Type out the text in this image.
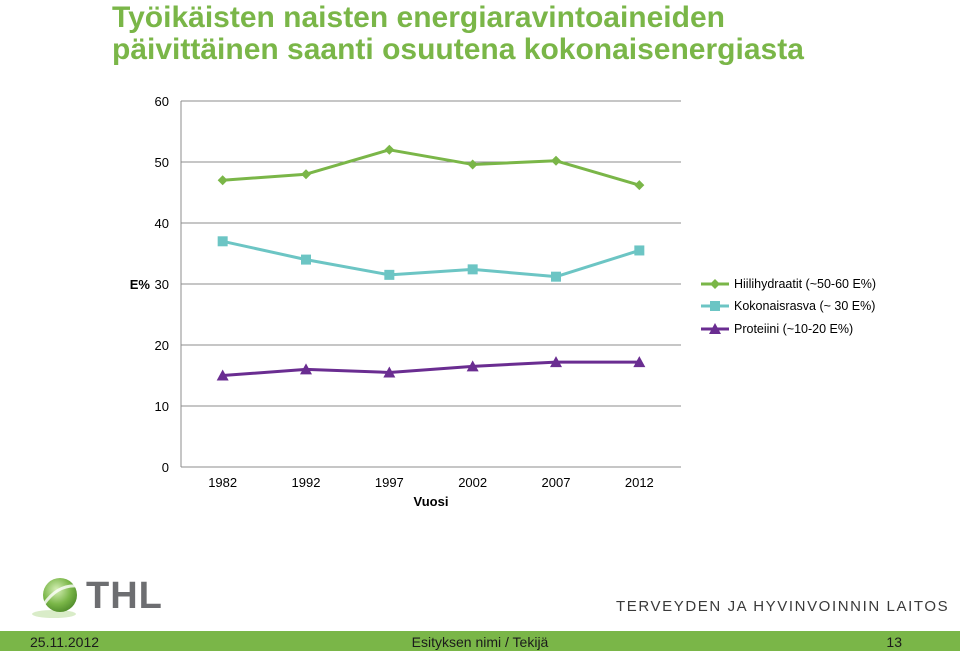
Työikäisten naisten energiaravintoaineiden
päivittäinen saanti osuutena kokonaisenergiasta
0
10
20
30
40
50
60
1982	1992	1997	2002	2007	2012
E%
Vuosi
Hiilihydraatit (~50-60 E%)
Kokonaisrasva (~ 30 E%)
Proteiini (~10-20 E%)
THL	TERVEYDEN JA HYVINVOINNIN LAITOS
25.11.2012	Esityksen nimi / Tekijä	13
